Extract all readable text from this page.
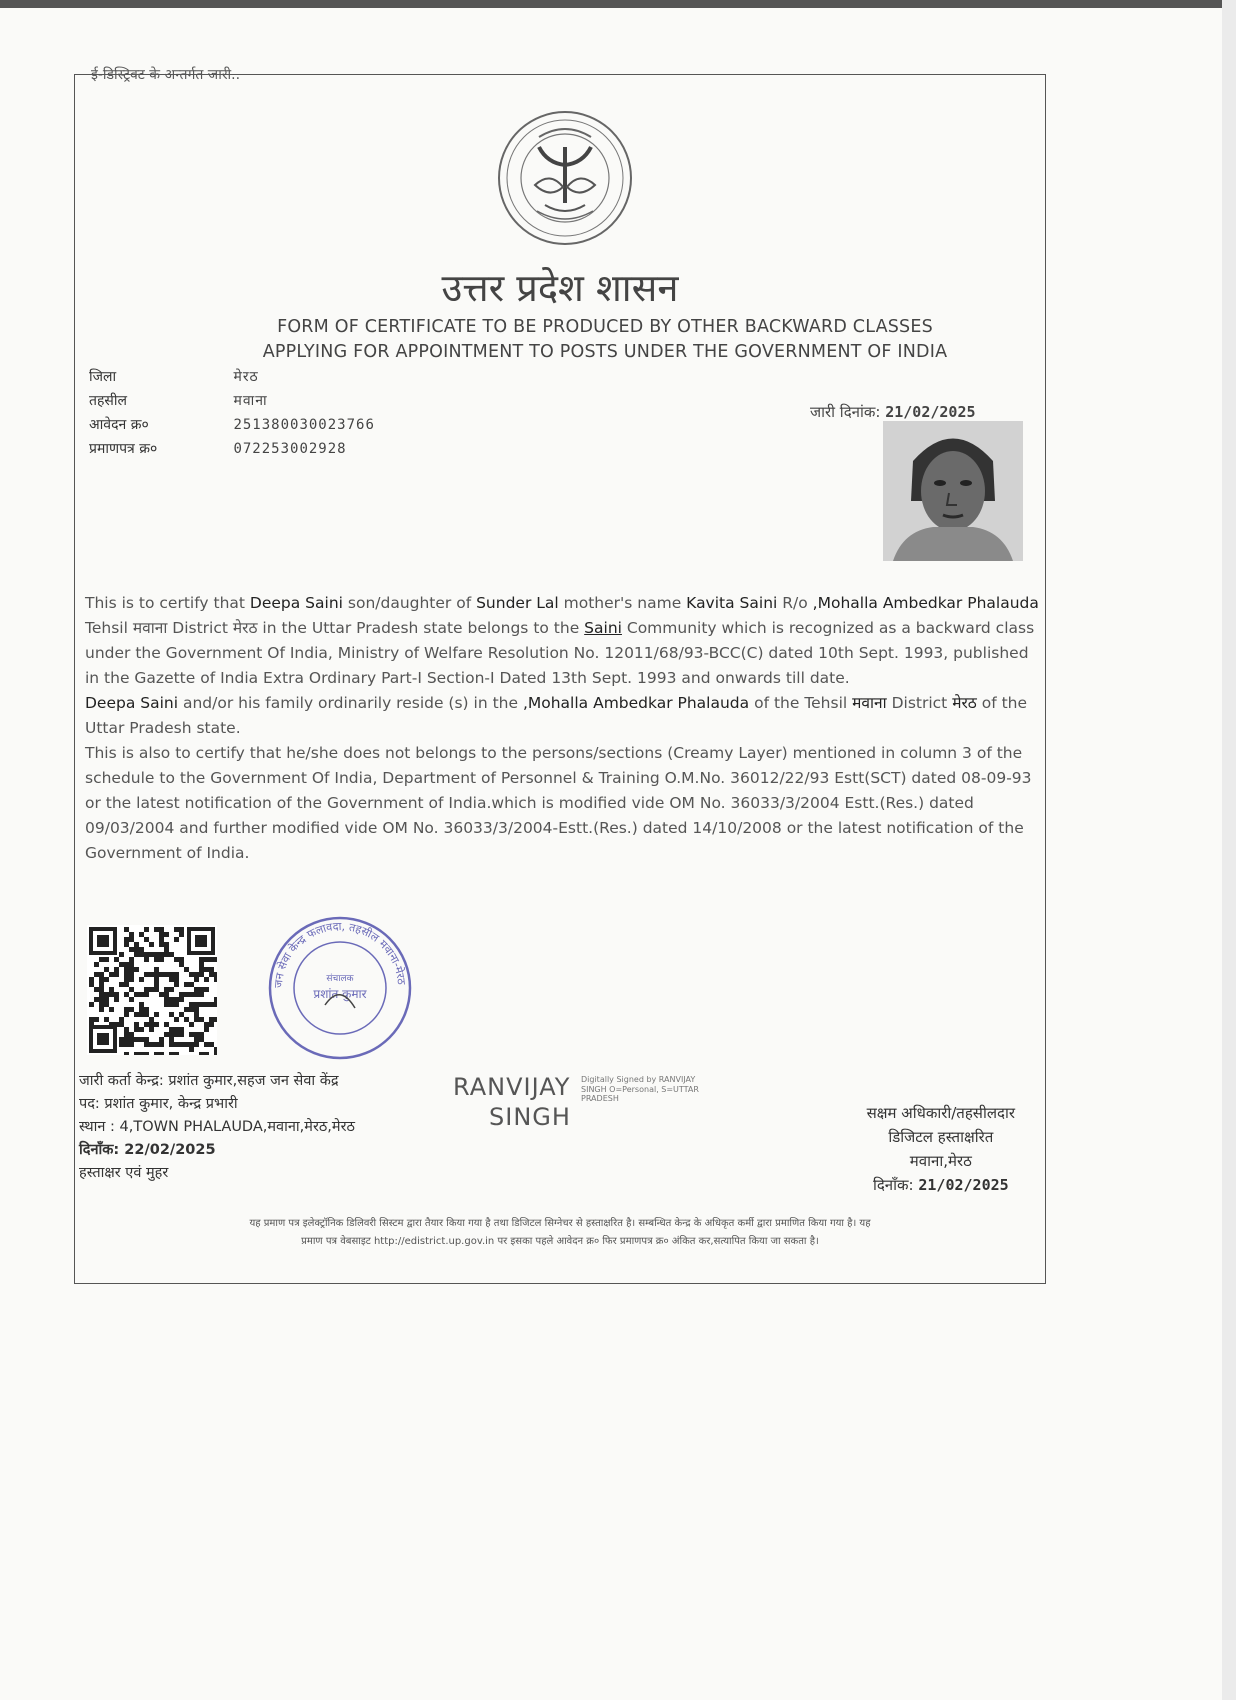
ई-डिस्ट्रिक्ट के अन्तर्गत जारी..
उत्तर प्रदेश शासन
FORM OF CERTIFICATE TO BE PRODUCED BY OTHER BACKWARD CLASSES
APPLYING FOR APPOINTMENT TO POSTS UNDER THE GOVERNMENT OF INDIA
जिला	मेरठ
तहसील	मवाना
आवेदन क्र०	251380030023766
प्रमाणपत्र क्र०	072253002928
जारी दिनांक: 21/02/2025

This is to certify that Deepa Saini son/daughter of Sunder Lal mother's name Kavita Saini R/o ,Mohalla Ambedkar Phalauda Tehsil मवाना District मेरठ in the Uttar Pradesh state belongs to the Saini Community which is recognized as a backward class under the Government Of India, Ministry of Welfare Resolution No. 12011/68/93-BCC(C) dated 10th Sept. 1993, published in the Gazette of India Extra Ordinary Part-I Section-I Dated 13th Sept. 1993 and onwards till date.

Deepa Saini and/or his family ordinarily reside (s) in the ,Mohalla Ambedkar Phalauda of the Tehsil मवाना District मेरठ of the Uttar Pradesh state.

This is also to certify that he/she does not belongs to the persons/sections (Creamy Layer) mentioned in column 3 of the schedule to the Government Of India, Department of Personnel & Training O.M.No. 36012/22/93 Estt(SCT) dated 08-09-93 or the latest notification of the Government of India.which is modified vide OM No. 36033/3/2004 Estt.(Res.) dated 09/03/2004 and further modified vide OM No. 36033/3/2004-Estt.(Res.) dated 14/10/2008 or the latest notification of the Government of India.

जन सेवा केन्द्र फलावदा, तहसील मवाना-मेरठ
संचालक
प्रशांत कुमार
जारी कर्ता केन्द्र: प्रशांत कुमार,सहज जन सेवा केंद्र
पद: प्रशांत कुमार, केन्द्र प्रभारी
स्थान : 4,TOWN PHALAUDA,मवाना,मेरठ,मेरठ
दिनाँक: 22/02/2025
हस्ताक्षर एवं मुहर
RANVIJAY
SINGH
Digitally Signed by RANVIJAY
SINGH O=Personal, S=UTTAR
PRADESH
सक्षम अधिकारी/तहसीलदार
डिजिटल हस्ताक्षरित
मवाना,मेरठ
दिनाँक: 21/02/2025
यह प्रमाण पत्र इलेक्ट्रॉनिक डिलिवरी सिस्टम द्वारा तैयार किया गया है तथा डिजिटल सिग्नेचर से हस्ताक्षरित है। सम्बन्धित केन्द्र के अधिकृत कर्मी द्वारा प्रमाणित किया गया है। यह
प्रमाण पत्र वेबसाइट http://edistrict.up.gov.in पर इसका पहले आवेदन क्र० फिर प्रमाणपत्र क्र० अंकित कर,सत्यापित किया जा सकता है।
